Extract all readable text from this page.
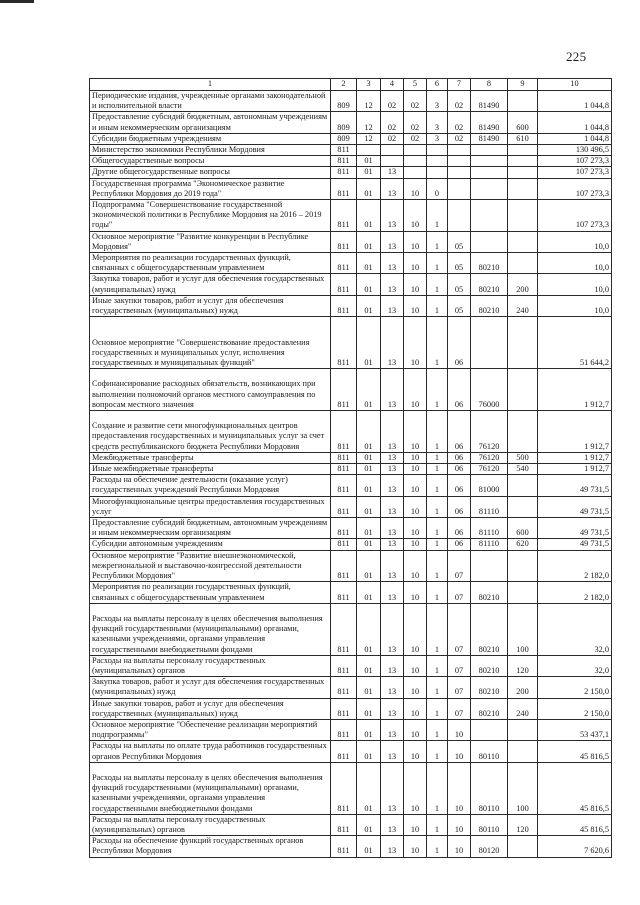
225
1	2	3	4	5	6	7	8	9	10
Периодические издания, учрежденные органами законодательной и исполнительной власти	809	12	02	02	3	02	81490		1 044,8
Предоставление субсидий бюджетным, автономным учреждениям и иным некоммерческим организациям	809	12	02	02	3	02	81490	600	1 044,8
Субсидии бюджетным учреждениям	809	12	02	02	3	02	81490	610	1 044,8
Министерство экономики Республики Мордовия	811								130 496,5
Общегосударственные вопросы	811	01							107 273,3
Другие общегосударственные вопросы	811	01	13						107 273,3
Государственная программа "Экономическое развитие Республики Мордовия до 2019 года"	811	01	13	10	0				107 273,3
Подпрограмма "Совершенствование государственной экономической политики в Республике Мордовия на 2016 – 2019 годы"	811	01	13	10	1				107 273,3
Основное мероприятие "Развитие конкуренции в Республике Мордовия"	811	01	13	10	1	05			10,0
Мероприятия по реализации государственных функций, связанных с общегосударственным управлением	811	01	13	10	1	05	80210		10,0
Закупка товаров, работ и услуг для обеспечения государственных (муниципальных) нужд	811	01	13	10	1	05	80210	200	10,0
Иные закупки товаров, работ и услуг для обеспечения государственных (муниципальных) нужд	811	01	13	10	1	05	80210	240	10,0
Основное мероприятие "Совершенствование предоставления государственных и муниципальных услуг, исполнения государственных и муниципальных функций"	811	01	13	10	1	06			51 644,2
Софинансирование расходных обязательств, возникающих при выполнении полномочий органов местного самоуправления по вопросам местного значения	811	01	13	10	1	06	76000		1 912,7
Создание и развитие сети многофункциональных центров предоставления государственных и муниципальных услуг за счет средств республиканского бюджета Республики Мордовия	811	01	13	10	1	06	76120		1 912,7
Межбюджетные трансферты	811	01	13	10	1	06	76120	500	1 912,7
Иные межбюджетные трансферты	811	01	13	10	1	06	76120	540	1 912,7
Расходы на обеспечение деятельности (оказание услуг) государственных учреждений Республики Мордовия	811	01	13	10	1	06	81000		49 731,5
Многофункциональные центры предоставления государственных услуг	811	01	13	10	1	06	81110		49 731,5
Предоставление субсидий бюджетным, автономным учреждениям и иным некоммерческим организациям	811	01	13	10	1	06	81110	600	49 731,5
Субсидии автономным учреждениям	811	01	13	10	1	06	81110	620	49 731,5
Основное мероприятие "Развитие внешнеэкономической, межрегиональной и выставочно-конгрессной деятельности Республики Мордовия"	811	01	13	10	1	07			2 182,0
Мероприятия по реализации государственных функций, связанных с общегосударственным управлением	811	01	13	10	1	07	80210		2 182,0
Расходы на выплаты персоналу в целях обеспечения выполнения функций государственными (муниципальными) органами, казенными учреждениями, органами управления государственными внебюджетными фондами	811	01	13	10	1	07	80210	100	32,0
Расходы на выплаты персоналу государственных (муниципальных) органов	811	01	13	10	1	07	80210	120	32,0
Закупка товаров, работ и услуг для обеспечения государственных (муниципальных) нужд	811	01	13	10	1	07	80210	200	2 150,0
Иные закупки товаров, работ и услуг для обеспечения государственных (муниципальных) нужд	811	01	13	10	1	07	80210	240	2 150,0
Основное мероприятие "Обеспечение реализации мероприятий подпрограммы"	811	01	13	10	1	10			53 437,1
Расходы на выплаты по оплате труда работников государственных органов Республики Мордовия	811	01	13	10	1	10	80110		45 816,5
Расходы на выплаты персоналу в целях обеспечения выполнения функций государственными (муниципальными) органами, казенными учреждениями, органами управления государственными внебюджетными фондами	811	01	13	10	1	10	80110	100	45 816,5
Расходы на выплаты персоналу государственных (муниципальных) органов	811	01	13	10	1	10	80110	120	45 816,5
Расходы на обеспечение функций государственных органов Республики Мордовия	811	01	13	10	1	10	80120		7 620,6
